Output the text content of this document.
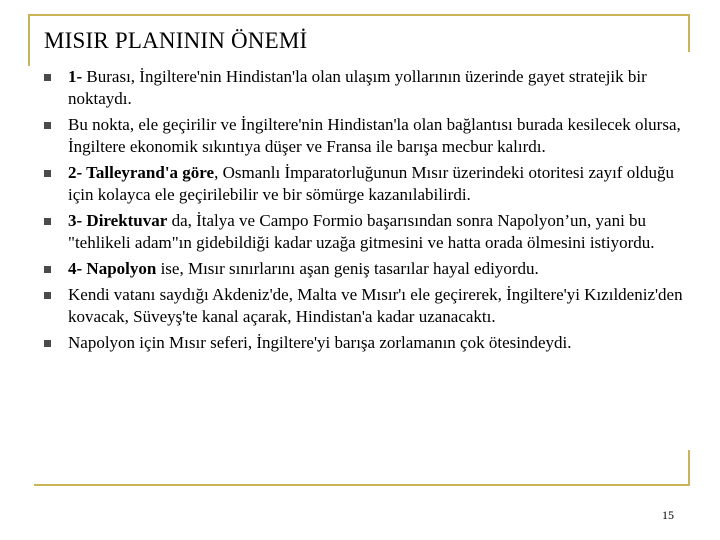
MISIR PLANININ ÖNEMİ
1- Burası, İngiltere'nin Hindistan'la olan ulaşım yollarının üzerinde gayet stratejik bir noktaydı.
Bu nokta, ele geçirilir ve İngiltere'nin Hindistan'la olan bağlantısı burada kesilecek olursa, İngiltere ekonomik sıkıntıya düşer ve Fransa ile barışa mecbur kalırdı.
2- Talleyrand'a göre, Osmanlı İmparatorluğunun Mısır üzerindeki otoritesi zayıf olduğu için kolayca ele geçirilebilir ve bir sömürge kazanılabilirdi.
3- Direktuvar da, İtalya ve Campo Formio başarısından sonra Napolyon’un, yani bu "tehlikeli adam"ın gidebildiği kadar uzağa gitmesini ve hatta orada ölmesini istiyordu.
4- Napolyon ise, Mısır sınırlarını aşan geniş tasarılar hayal ediyordu.
Kendi vatanı saydığı Akdeniz'de, Malta ve Mısır'ı ele geçirerek, İngiltere'yi Kızıldeniz'den kovacak, Süveyş'te kanal açarak, Hindistan'a kadar uzanacaktı.
Napolyon için Mısır seferi, İngiltere'yi barışa zorlamanın çok ötesindeydi.
15
